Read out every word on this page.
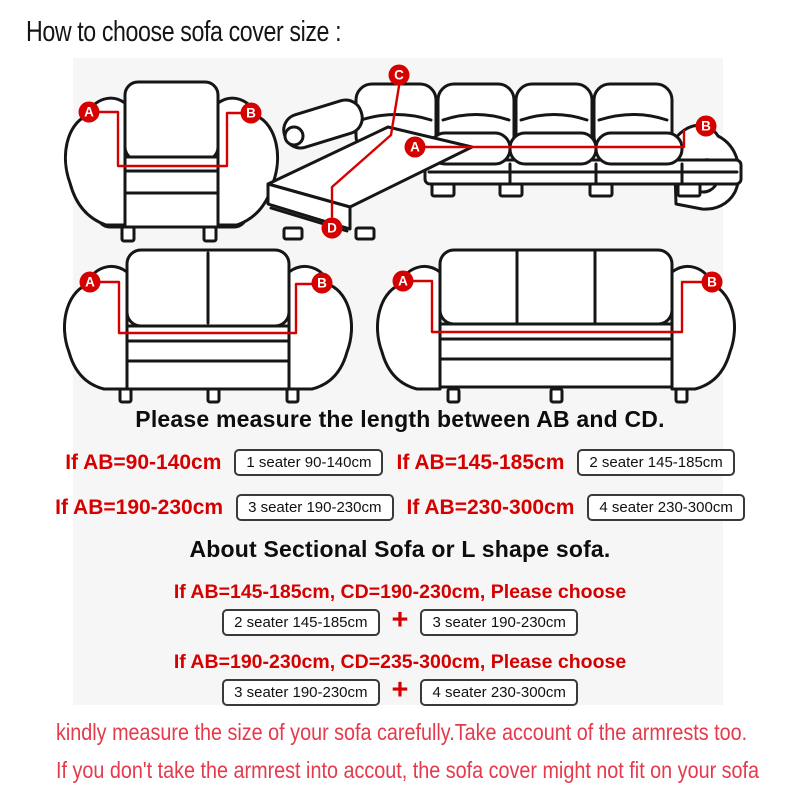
How to choose sofa cover size :
A	B
C
A
B
D
A	B	A	B
Please measure the length between AB and CD.
If AB=90-140cm	1 seater 90-140cm	If AB=145-185cm	2 seater 145-185cm
If AB=190-230cm	3 seater 190-230cm	If AB=230-300cm	4 seater 230-300cm
About Sectional Sofa or L shape sofa.
If AB=145-185cm, CD=190-230cm, Please choose
2 seater 145-185cm +	3 seater 190-230cm
If AB=190-230cm, CD=235-300cm, Please choose
3 seater 190-230cm +	4 seater 230-300cm
kindly measure the size of your sofa carefully.Take account of the armrests too.
If you don't take the armrest into accout, the sofa cover might not fit on your sofa
